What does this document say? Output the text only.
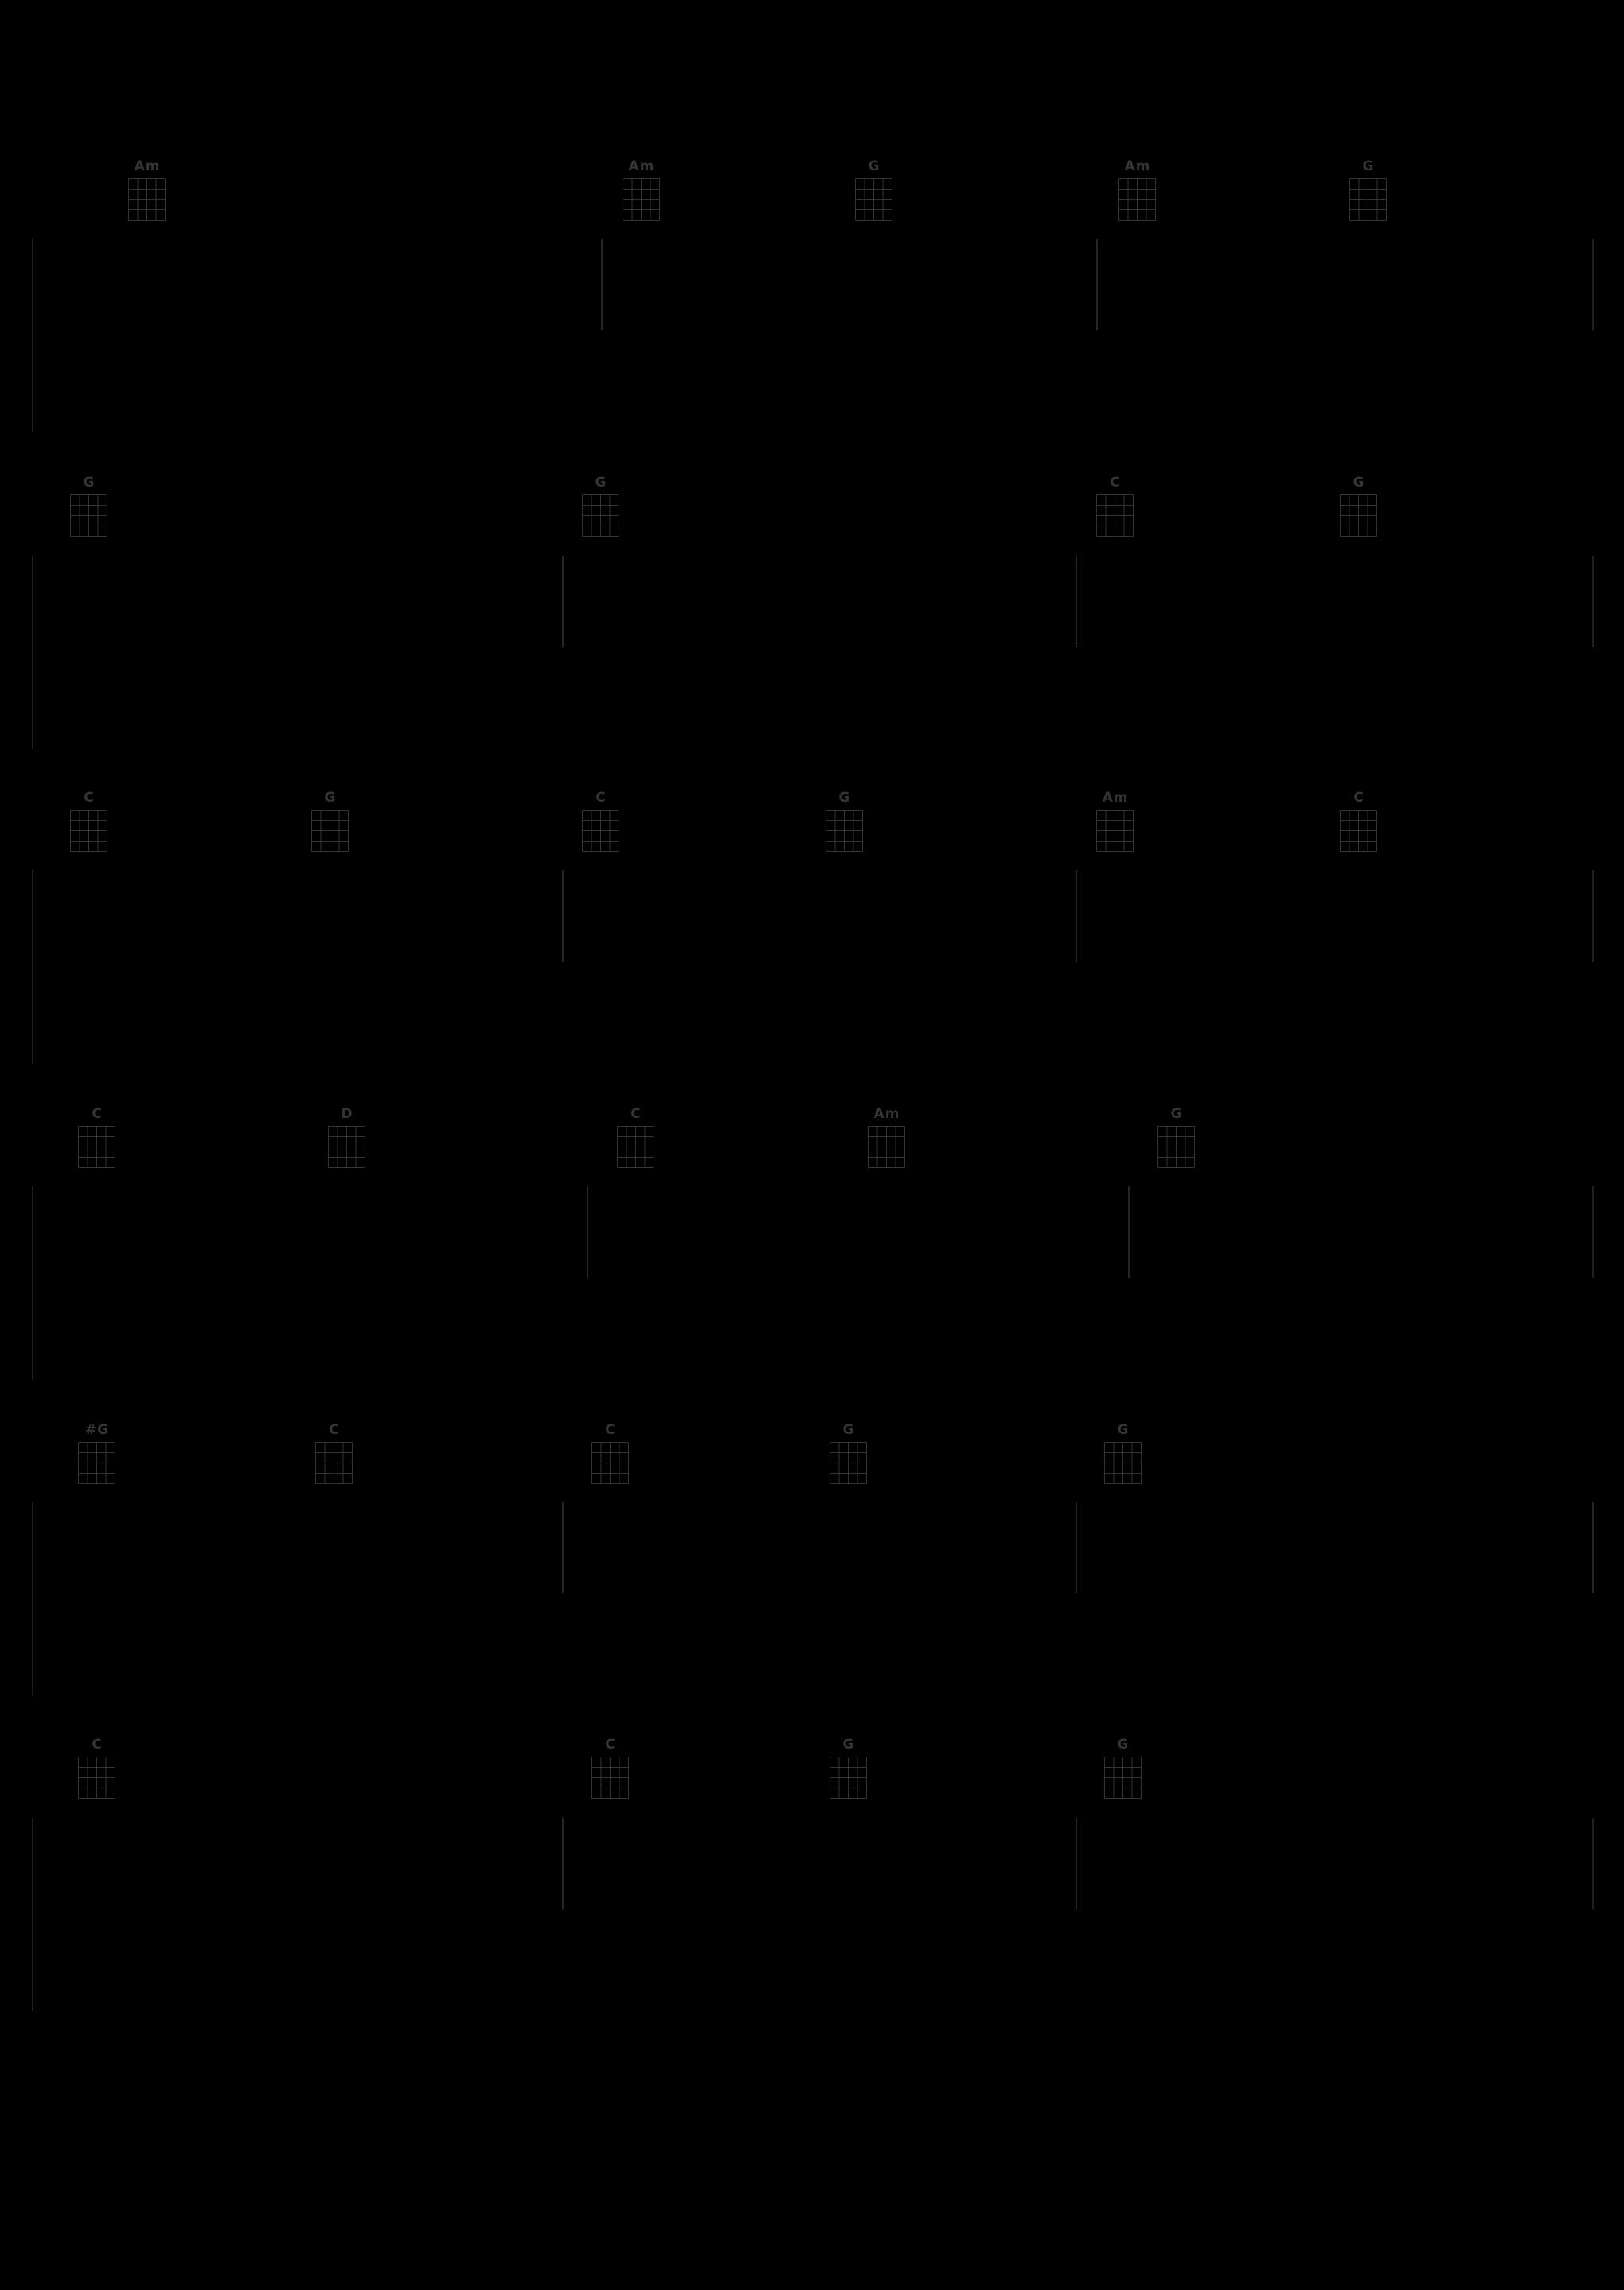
Am	Am	G	Am	G
G	G	C	G
C	G	C	G	Am	C
C	D	C	Am	G
#G	C	C	G	G
C	C	G	G
